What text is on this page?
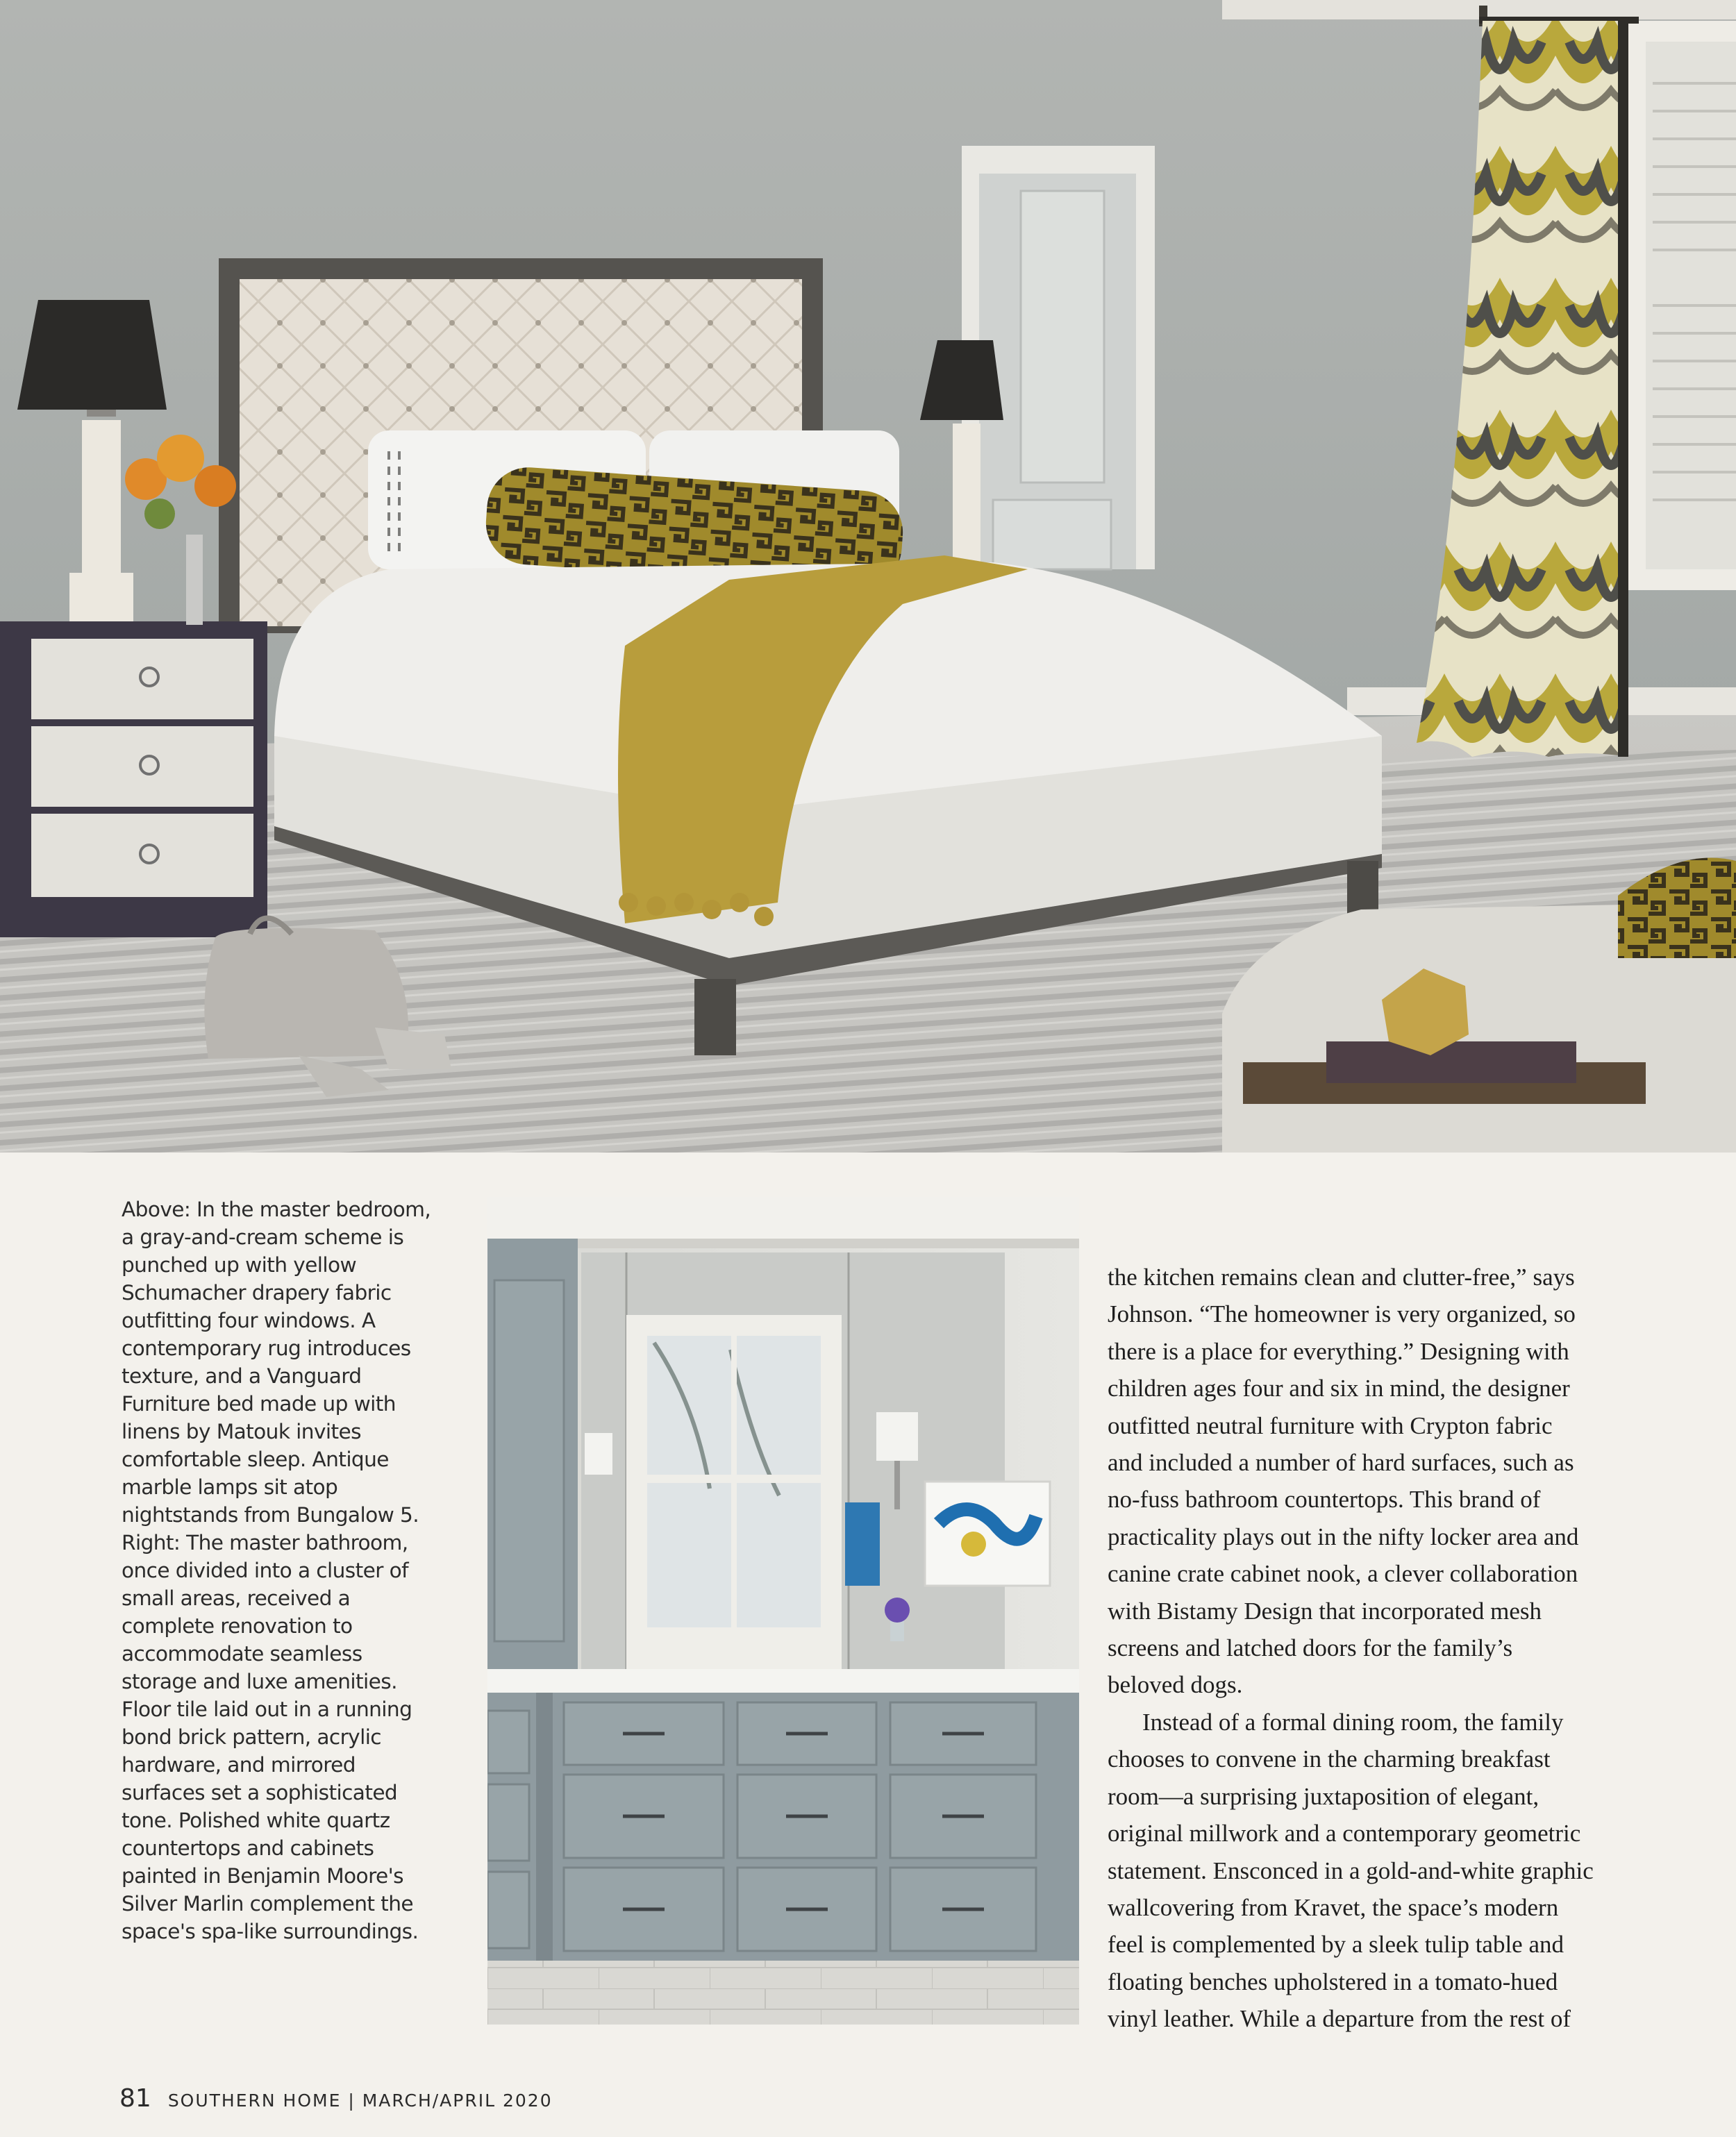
Above: In the master bedroom,
a gray-and-cream scheme is
punched up with yellow
Schumacher drapery fabric
outfitting four windows. A
contemporary rug introduces
texture, and a Vanguard
Furniture bed made up with
linens by Matouk invites
comfortable sleep. Antique
marble lamps sit atop
nightstands from Bungalow 5.
Right: The master bathroom,
once divided into a cluster of
small areas, received a
complete renovation to
accommodate seamless
storage and luxe amenities.
Floor tile laid out in a running
bond brick pattern, acrylic
hardware, and mirrored
surfaces set a sophisticated
tone. Polished white quartz
countertops and cabinets
painted in Benjamin Moore's
Silver Marlin complement the
space's spa-like surroundings.
the kitchen remains clean and clutter-free,” says
Johnson. “The homeowner is very organized, so
there is a place for everything.” Designing with
children ages four and six in mind, the designer
outfitted neutral furniture with Crypton fabric
and included a number of hard surfaces, such as
no-fuss bathroom countertops. This brand of
practicality plays out in the nifty locker area and
canine crate cabinet nook, a clever collaboration
with Bistamy Design that incorporated mesh
screens and latched doors for the family’s
beloved dogs.
Instead of a formal dining room, the family
chooses to convene in the charming breakfast
room—a surprising juxtaposition of elegant,
original millwork and a contemporary geometric
statement. Ensconced in a gold-and-white graphic
wallcovering from Kravet, the space’s modern
feel is complemented by a sleek tulip table and
floating benches upholstered in a tomato-hued
vinyl leather. While a departure from the rest of
81 SOUTHERN HOME | MARCH/APRIL 2020
